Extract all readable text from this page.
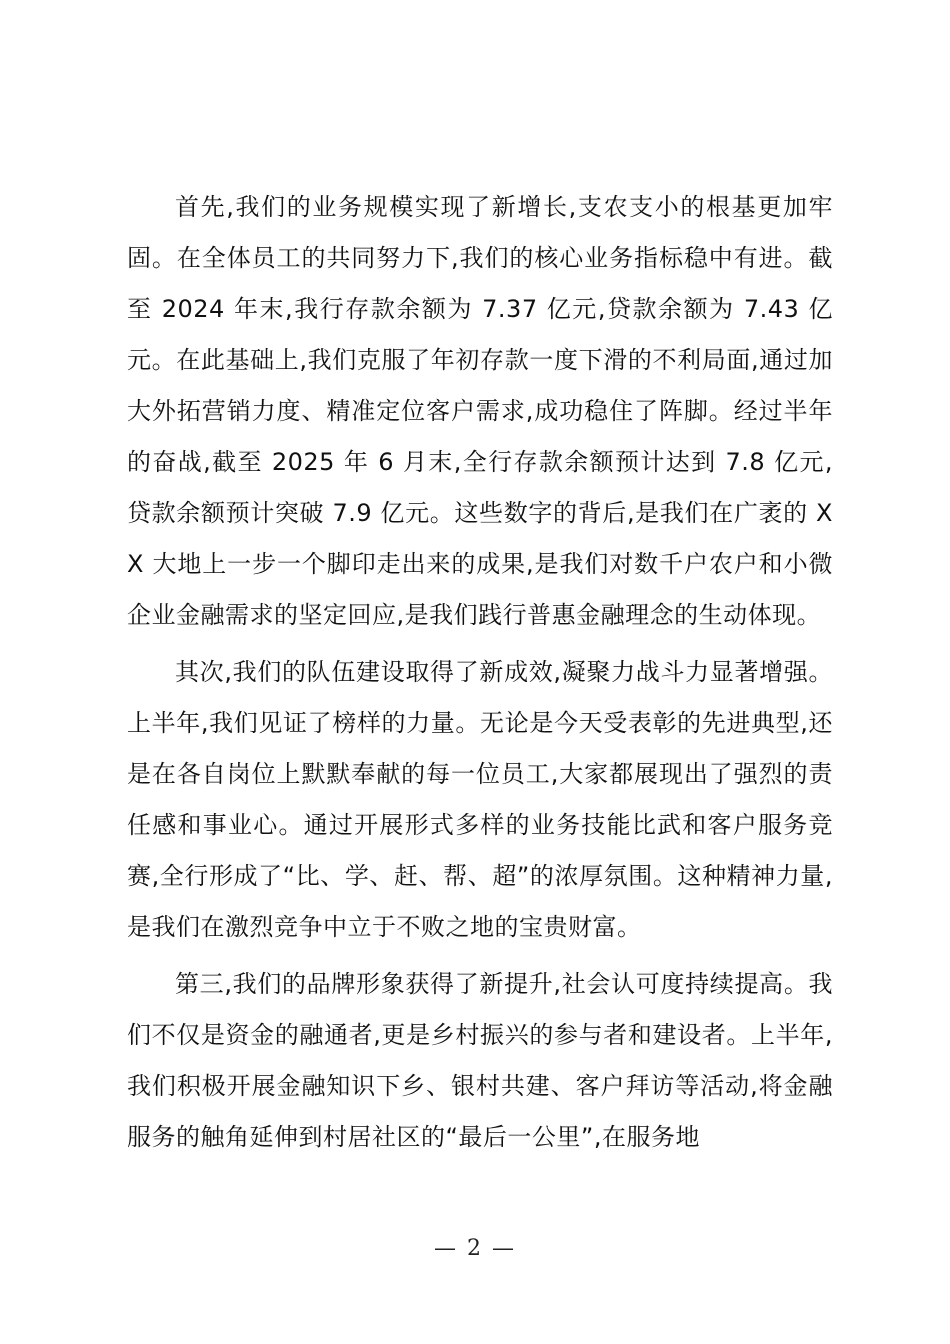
首先,我们的业务规模实现了新增长,支农支小的根基更加牢固。在全体员工的共同努力下,我们的核心业务指标稳中有进。截至 2024 年末,我行存款余额为 7.37 亿元,贷款余额为 7.43 亿元。在此基础上,我们克服了年初存款一度下滑的不利局面,通过加大外拓营销力度、精准定位客户需求,成功稳住了阵脚。经过半年的奋战,截至 2025 年 6 月末,全行存款余额预计达到 7.8 亿元,贷款余额预计突破 7.9 亿元。这些数字的背后,是我们在广袤的 XX 大地上一步一个脚印走出来的成果,是我们对数千户农户和小微企业金融需求的坚定回应,是我们践行普惠金融理念的生动体现。

其次,我们的队伍建设取得了新成效,凝聚力战斗力显著增强。上半年,我们见证了榜样的力量。无论是今天受表彰的先进典型,还是在各自岗位上默默奉献的每一位员工,大家都展现出了强烈的责任感和事业心。通过开展形式多样的业务技能比武和客户服务竞赛,全行形成了“比、学、赶、帮、超”的浓厚氛围。这种精神力量,是我们在激烈竞争中立于不败之地的宝贵财富。

第三,我们的品牌形象获得了新提升,社会认可度持续提高。我们不仅是资金的融通者,更是乡村振兴的参与者和建设者。上半年,我们积极开展金融知识下乡、银村共建、客户拜访等活动,将金融服务的触角延伸到村居社区的“最后一公里”,在服务地

— 2 —
